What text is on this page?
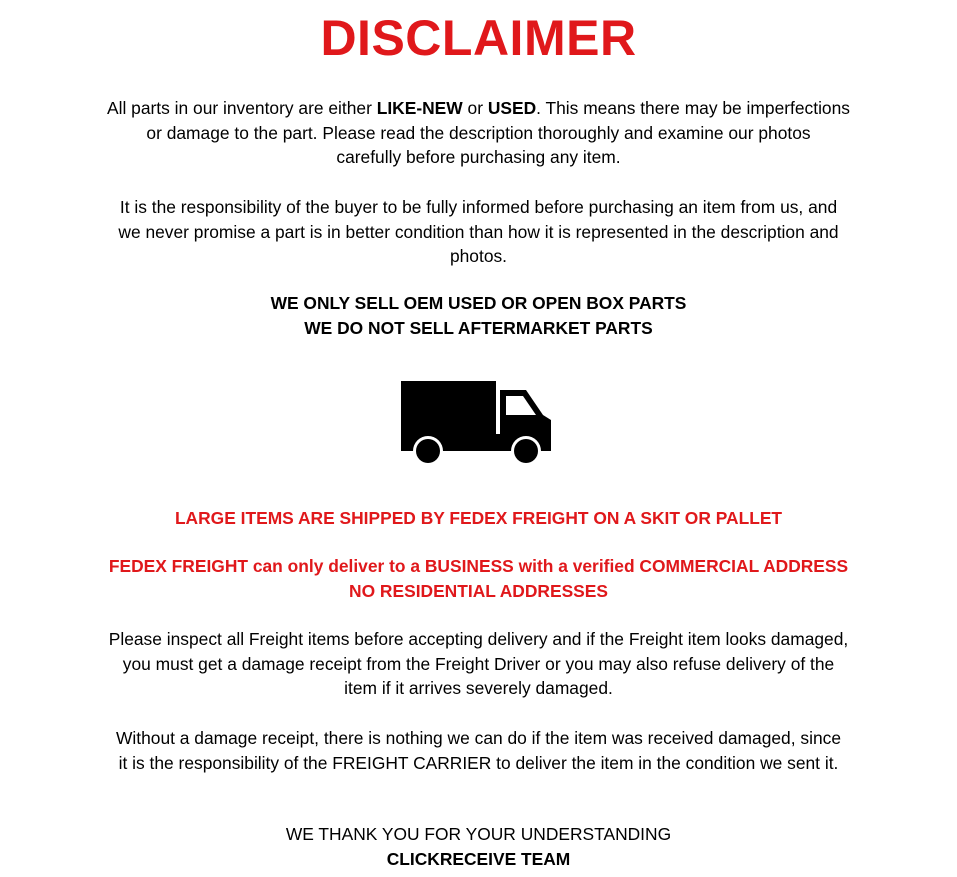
DISCLAIMER

All parts in our inventory are either LIKE-NEW or USED. This means there may be imperfections
or damage to the part. Please read the description thoroughly and examine our photos
carefully before purchasing any item.

It is the responsibility of the buyer to be fully informed before purchasing an item from us, and
we never promise a part is in better condition than how it is represented in the description and
photos.

WE ONLY SELL OEM USED OR OPEN BOX PARTS
WE DO NOT SELL AFTERMARKET PARTS

LARGE ITEMS ARE SHIPPED BY FEDEX FREIGHT ON A SKIT OR PALLET

FEDEX FREIGHT can only deliver to a BUSINESS with a verified COMMERCIAL ADDRESS
NO RESIDENTIAL ADDRESSES

Please inspect all Freight items before accepting delivery and if the Freight item looks damaged,
you must get a damage receipt from the Freight Driver or you may also refuse delivery of the
item if it arrives severely damaged.

Without a damage receipt, there is nothing we can do if the item was received damaged, since
it is the responsibility of the FREIGHT CARRIER to deliver the item in the condition we sent it.

WE THANK YOU FOR YOUR UNDERSTANDING
CLICKRECEIVE TEAM
